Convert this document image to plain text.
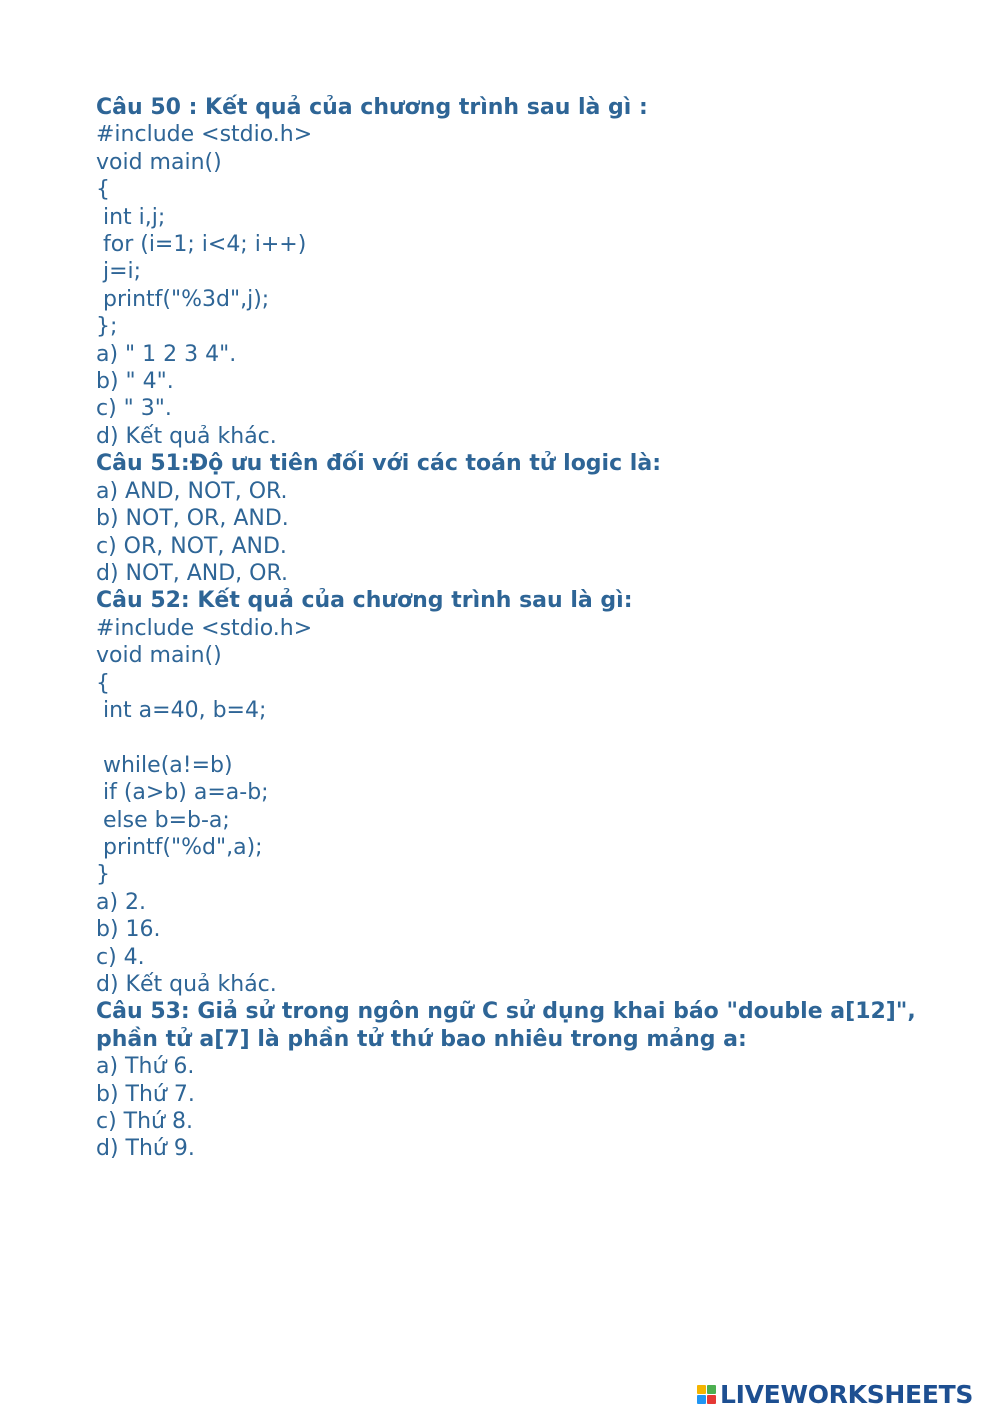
Câu 50 : Kết quả của chương trình sau là gì :
#include <stdio.h>
void main()
{
int i,j;
for (i=1; i<4; i++)
j=i;
printf("%3d",j);
};
a) " 1 2 3 4".
b) " 4".
c) " 3".
d) Kết quả khác.
Câu 51:Độ ưu tiên đối với các toán tử logic là:
a) AND, NOT, OR.
b) NOT, OR, AND.
c) OR, NOT, AND.
d) NOT, AND, OR.
Câu 52: Kết quả của chương trình sau là gì:
#include <stdio.h>
void main()
{
int a=40, b=4;
while(a!=b)
if (a>b) a=a-b;
else b=b-a;
printf("%d",a);
}
a) 2.
b) 16.
c) 4.
d) Kết quả khác.
Câu 53: Giả sử trong ngôn ngữ C sử dụng khai báo "double a[12]", phần tử a[7] là phần tử thứ bao nhiêu trong mảng a:
a) Thứ 6.
b) Thứ 7.
c) Thứ 8.
d) Thứ 9.
LIVEWORKSHEETS
